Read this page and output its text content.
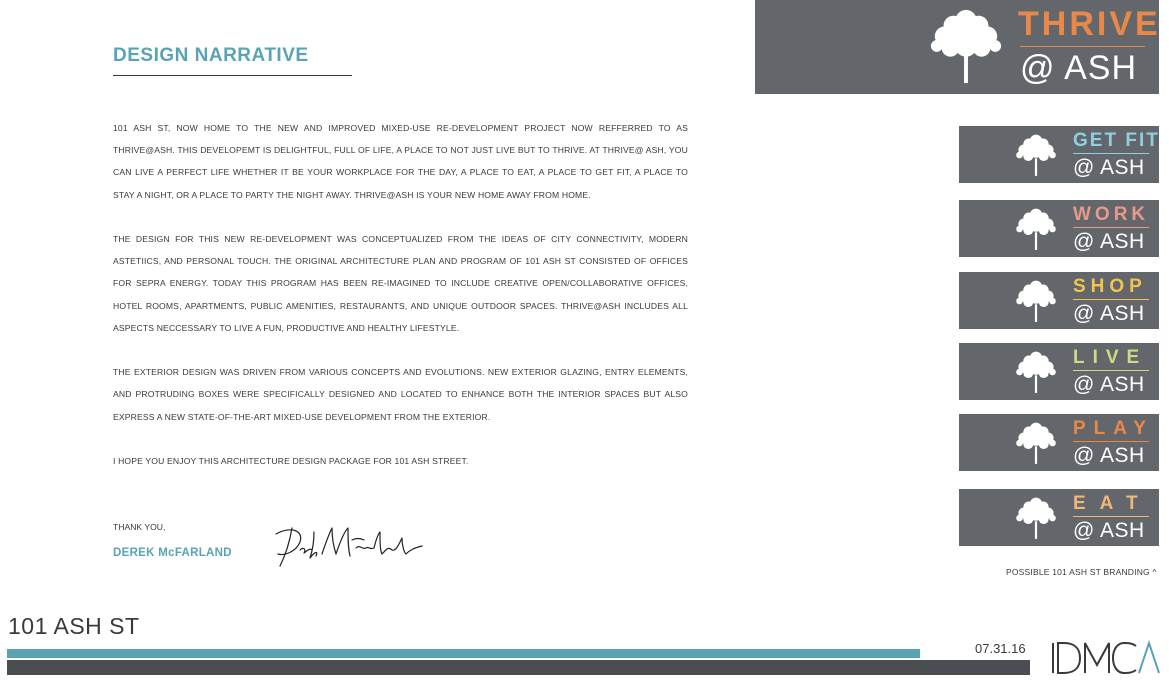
DESIGN NARRATIVE

101 ASH ST, NOW HOME TO THE NEW AND IMPROVED MIXED-USE RE-DEVELOPMENT PROJECT NOW REFFERRED TO AS THRIVE@ASH. THIS DEVELOPEMT IS DELIGHTFUL, FULL OF LIFE, A PLACE TO NOT JUST LIVE BUT TO THRIVE. AT THRIVE@ ASH, YOU CAN LIVE A PERFECT LIFE WHETHER IT BE YOUR WORKPLACE FOR THE DAY, A PLACE TO EAT, A PLACE TO GET FIT, A PLACE TO STAY A NIGHT, OR A PLACE TO PARTY THE NIGHT AWAY. THRIVE@ASH IS YOUR NEW HOME AWAY FROM HOME.

THE DESIGN FOR THIS NEW RE-DEVELOPMENT WAS CONCEPTUALIZED FROM THE IDEAS OF CITY CONNECTIVITY, MODERN ASTETIICS, AND PERSONAL TOUCH. THE ORIGINAL ARCHITECTURE PLAN AND PROGRAM OF 101 ASH ST CONSISTED OF OFFICES FOR SEPRA ENERGY. TODAY THIS PROGRAM HAS BEEN RE-IMAGINED TO INCLUDE CREATIVE OPEN/COLLABORATIVE OFFICES, HOTEL ROOMS, APARTMENTS, PUBLIC AMENITIES, RESTAURANTS, AND UNIQUE OUTDOOR SPACES. THRIVE@ASH INCLUDES ALL ASPECTS NECCESSARY TO LIVE A FUN, PRODUCTIVE AND HEALTHY LIFESTYLE.

THE EXTERIOR DESIGN WAS DRIVEN FROM VARIOUS CONCEPTS AND EVOLUTIONS. NEW EXTERIOR GLAZING, ENTRY ELEMENTS, AND PROTRUDING BOXES WERE SPECIFICALLY DESIGNED AND LOCATED TO ENHANCE BOTH THE INTERIOR SPACES BUT ALSO EXPRESS A NEW STATE-OF-THE-ART MIXED-USE DEVELOPMENT FROM THE EXTERIOR.

I HOPE YOU ENJOY THIS ARCHITECTURE DESIGN PACKAGE FOR 101 ASH STREET.

THANK YOU,
DEREK McFARLAND
THRIVE
@ ASH
GET FIT
@ ASH
WORK
@ ASH
SHOP
@ ASH
LIVE
@ ASH
PLAY
@ ASH
EAT
@ ASH
POSSIBLE 101 ASH ST BRANDING ^
101 ASH ST
07.31.16
